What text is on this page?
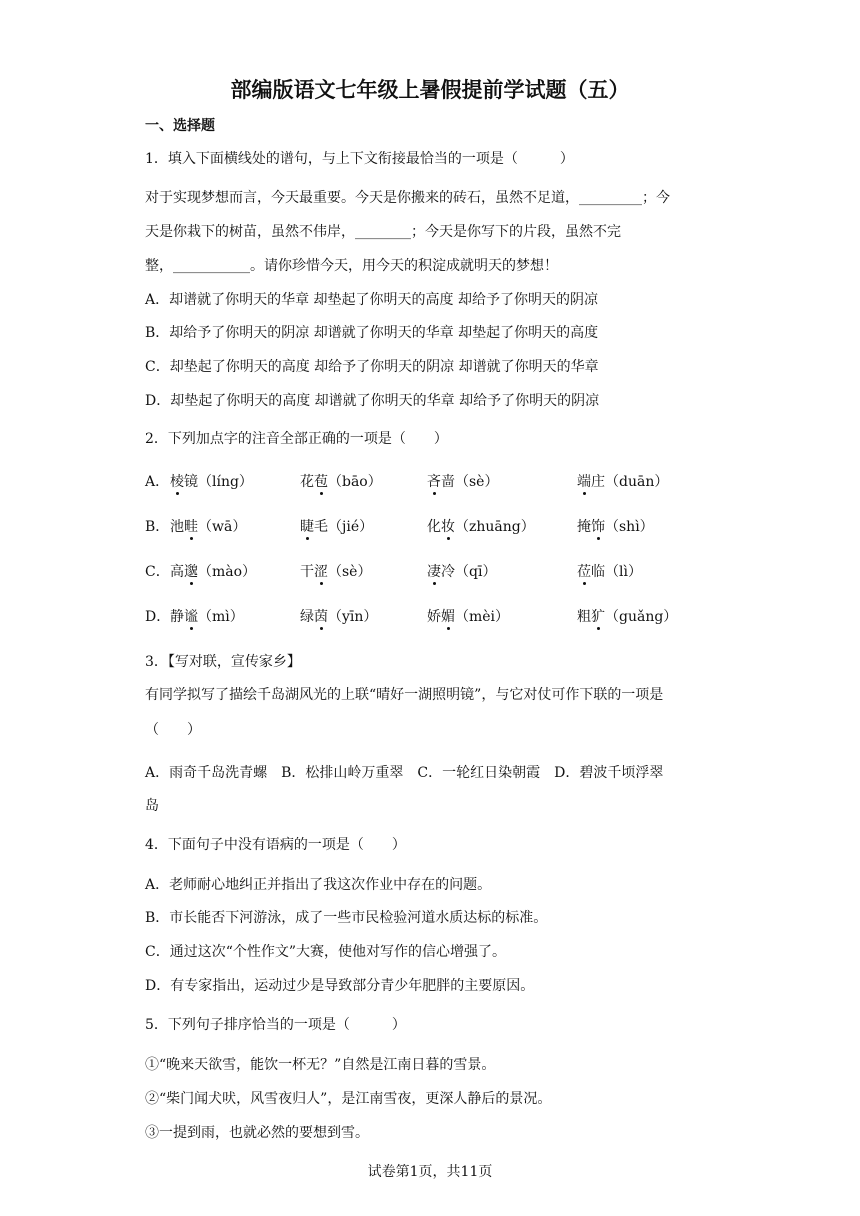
部编版语文七年级上暑假提前学试题（五）
一、选择题
1．填入下面横线处的谱句，与上下文衔接最恰当的一项是（　　　）
对于实现梦想而言，今天最重要。今天是你搬来的砖石，虽然不足道，_________；今
天是你栽下的树苗，虽然不伟岸，________；今天是你写下的片段，虽然不完
整，___________。请你珍惜今天，用今天的积淀成就明天的梦想！
A．却谱就了你明天的华章 却垫起了你明天的高度 却给予了你明天的阴凉
B．却给予了你明天的阴凉 却谱就了你明天的华章 却垫起了你明天的高度
C．却垫起了你明天的高度 却给予了你明天的阴凉 却谱就了你明天的华章
D．却垫起了你明天的高度 却谱就了你明天的华章 却给予了你明天的阴凉
2．下列加点字的注音全部正确的一项是（　　）
A． 棱镜（líng）	花苞（bāo）	吝啬（sè）	端庄（duān）
B． 池畦（wā）	睫毛（jié）	化妆（zhuāng）	掩饰（shì）
C． 高邈（mào）	干涩（sè）	凄冷（qī）	莅临（lì）
D． 静谧（mì）	绿茵（yīn）	娇媚（mèi）	粗犷（guǎng）
3．【写对联，宣传家乡】
有同学拟写了描绘千岛湖风光的上联“晴好一湖照明镜”，与它对仗可作下联的一项是
（　　）
A．雨奇千岛洗青螺　B．松排山岭万重翠　C．一轮红日染朝霞　D．碧波千顷浮翠
岛
4．下面句子中没有语病的一项是（　　）
A．老师耐心地纠正并指出了我这次作业中存在的问题。
B．市长能否下河游泳，成了一些市民检验河道水质达标的标准。
C．通过这次“个性作文”大赛，使他对写作的信心增强了。
D．有专家指出，运动过少是导致部分青少年肥胖的主要原因。
5．下列句子排序恰当的一项是（　　　）
①“晚来天欲雪，能饮一杯无？”自然是江南日暮的雪景。
②“柴门闻犬吠，风雪夜归人”，是江南雪夜，更深人静后的景况。
③一提到雨，也就必然的要想到雪。
试卷第1页，共11页
